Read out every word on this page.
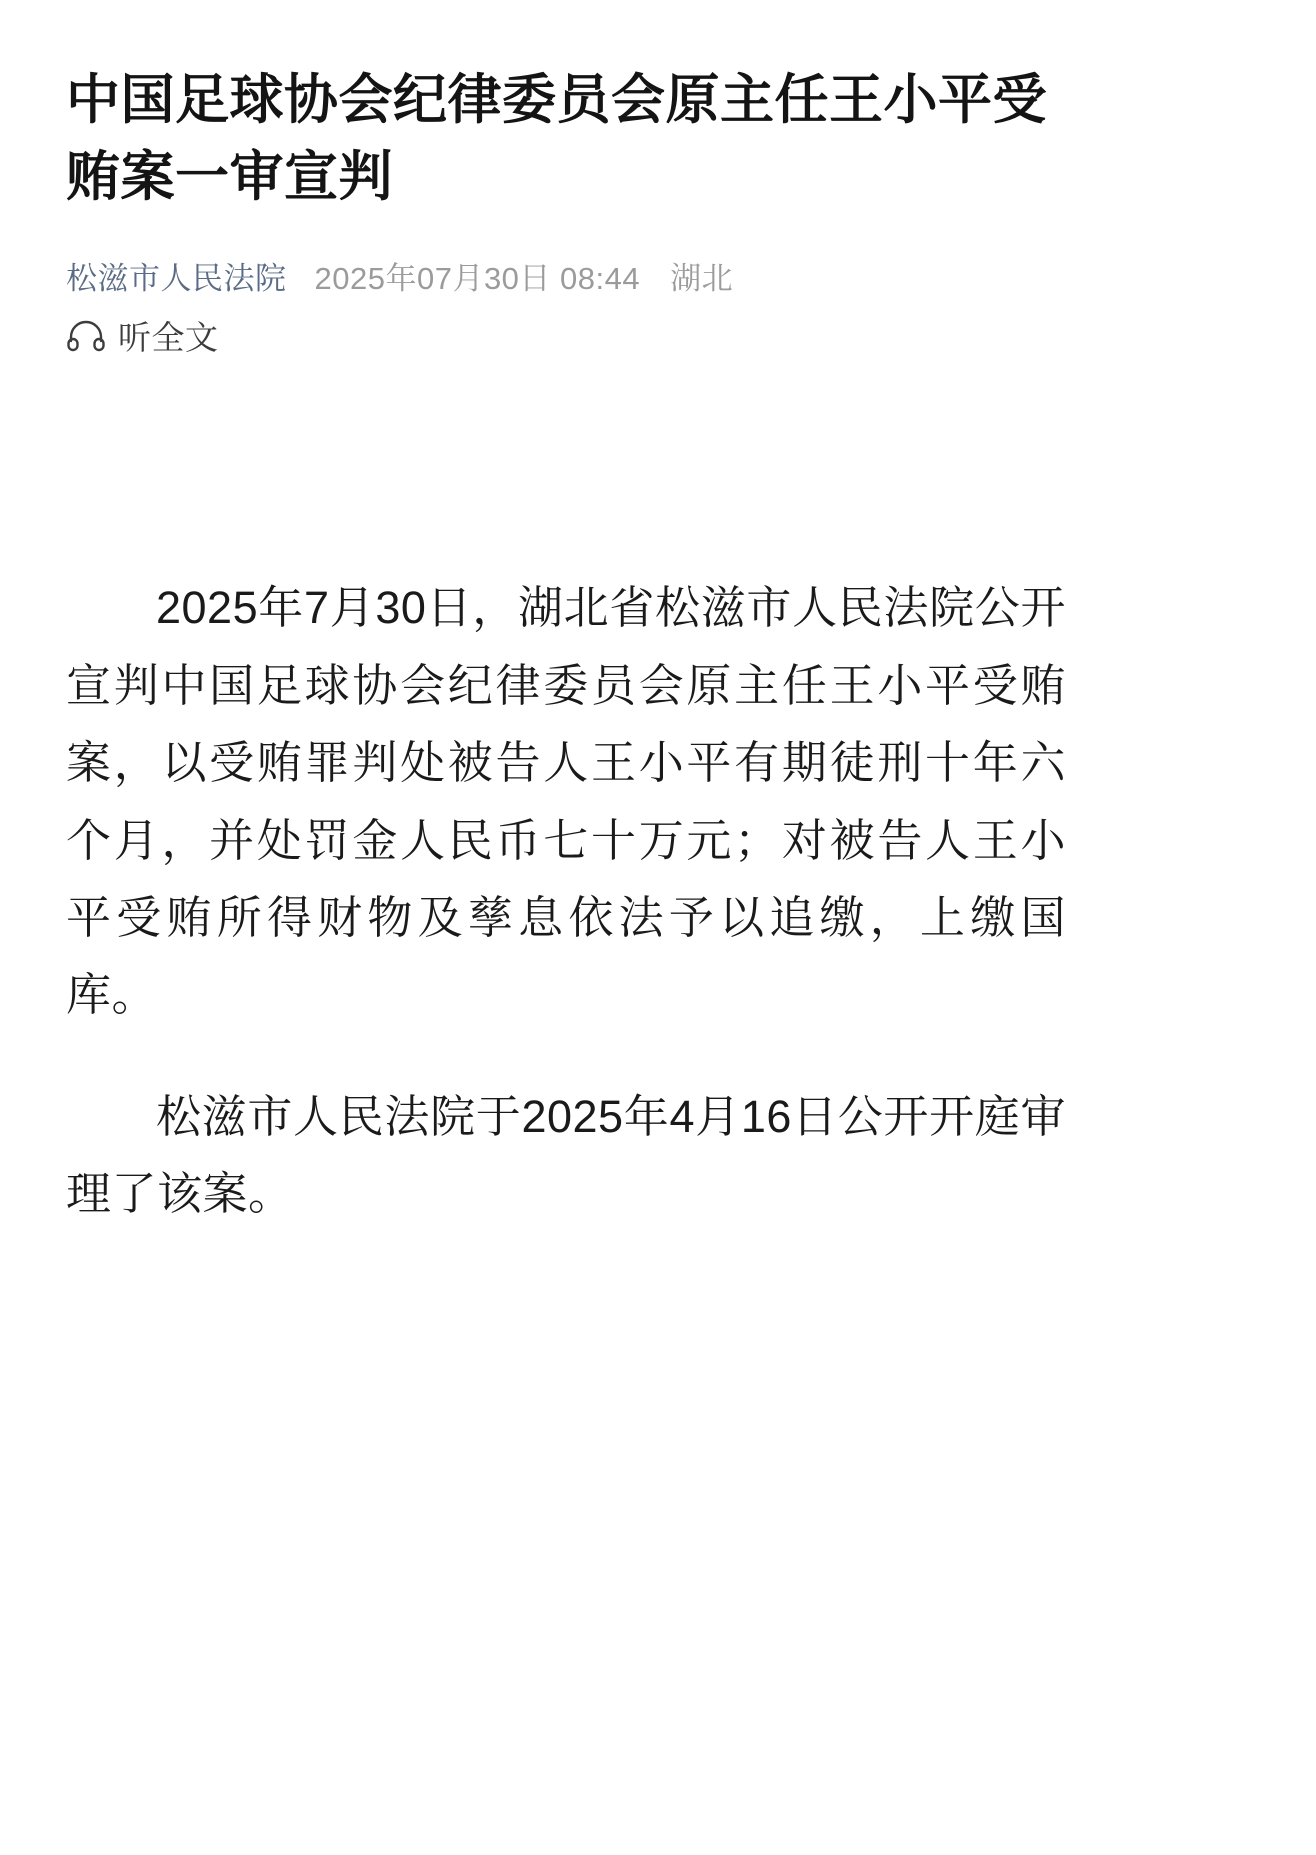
中国足球协会纪律委员会原主任王小平受贿案一审宣判
松滋市人民法院 2025年07月30日 08:44 湖北
听全文

2025年7月30日，湖北省松滋市人民法院公开宣判中国足球协会纪律委员会原主任王小平受贿案，以受贿罪判处被告人王小平有期徒刑十年六个月，并处罚金人民币七十万元；对被告人王小平受贿所得财物及孳息依法予以追缴，上缴国库。

松滋市人民法院于2025年4月16日公开开庭审理了该案。
